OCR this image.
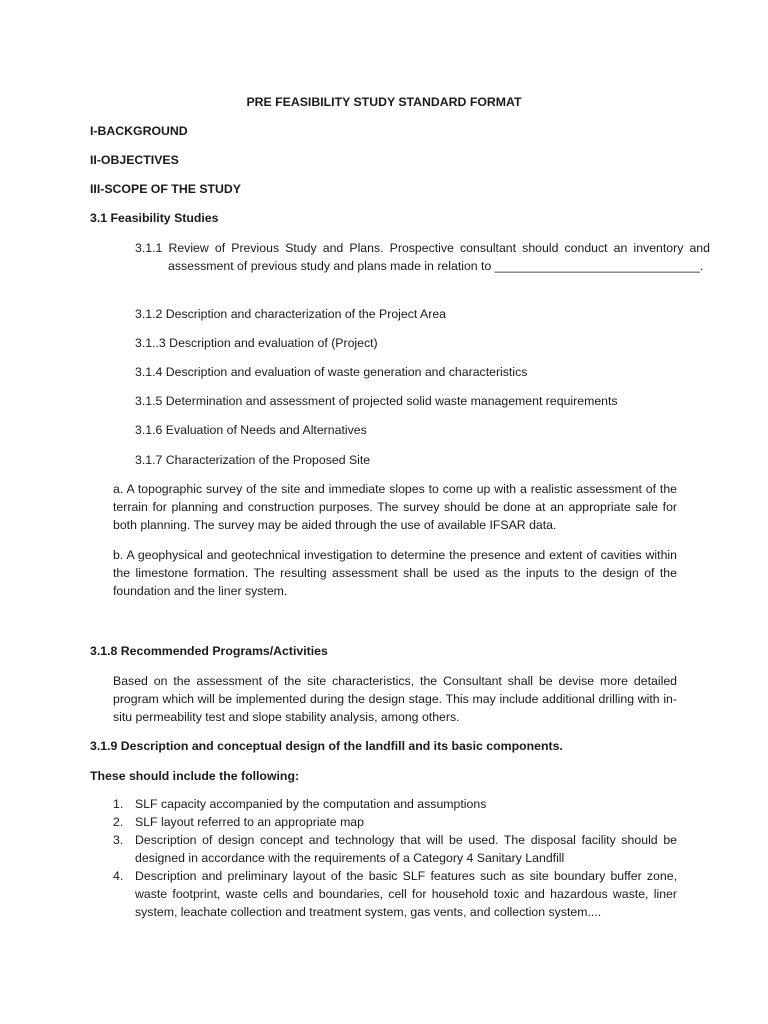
PRE FEASIBILITY STUDY STANDARD FORMAT

I-BACKGROUND

II-OBJECTIVES

III-SCOPE OF THE STUDY

3.1 Feasibility Studies

3.1.1 Review of Previous Study and Plans. Prospective consultant should conduct an inventory and assessment of previous study and plans made in relation to ______________________________.

3.1.2 Description and characterization of the Project Area

3.1..3 Description and evaluation of (Project)

3.1.4 Description and evaluation of waste generation and characteristics

3.1.5 Determination and assessment of projected solid waste management requirements

3.1.6 Evaluation of Needs and Alternatives

3.1.7 Characterization of the Proposed Site

a. A topographic survey of the site and immediate slopes to come up with a realistic assessment of the terrain for planning and construction purposes. The survey should be done at an appropriate sale for both planning. The survey may be aided through the use of available IFSAR data.

b. A geophysical and geotechnical investigation to determine the presence and extent of cavities within the limestone formation. The resulting assessment shall be used as the inputs to the design of the foundation and the liner system.

3.1.8 Recommended Programs/Activities

Based on the assessment of the site characteristics, the Consultant shall be devise more detailed program which will be implemented during the design stage. This may include additional drilling with in-situ permeability test and slope stability analysis, among others.

3.1.9 Description and conceptual design of the landfill and its basic components.

These should include the following:

1. SLF capacity accompanied by the computation and assumptions
2. SLF layout referred to an appropriate map
3. Description of design concept and technology that will be used. The disposal facility should be designed in accordance with the requirements of a Category 4 Sanitary Landfill
4. Description and preliminary layout of the basic SLF features such as site boundary buffer zone, waste footprint, waste cells and boundaries, cell for household toxic and hazardous waste, liner system, leachate collection and treatment system, gas vents, and collection system....
